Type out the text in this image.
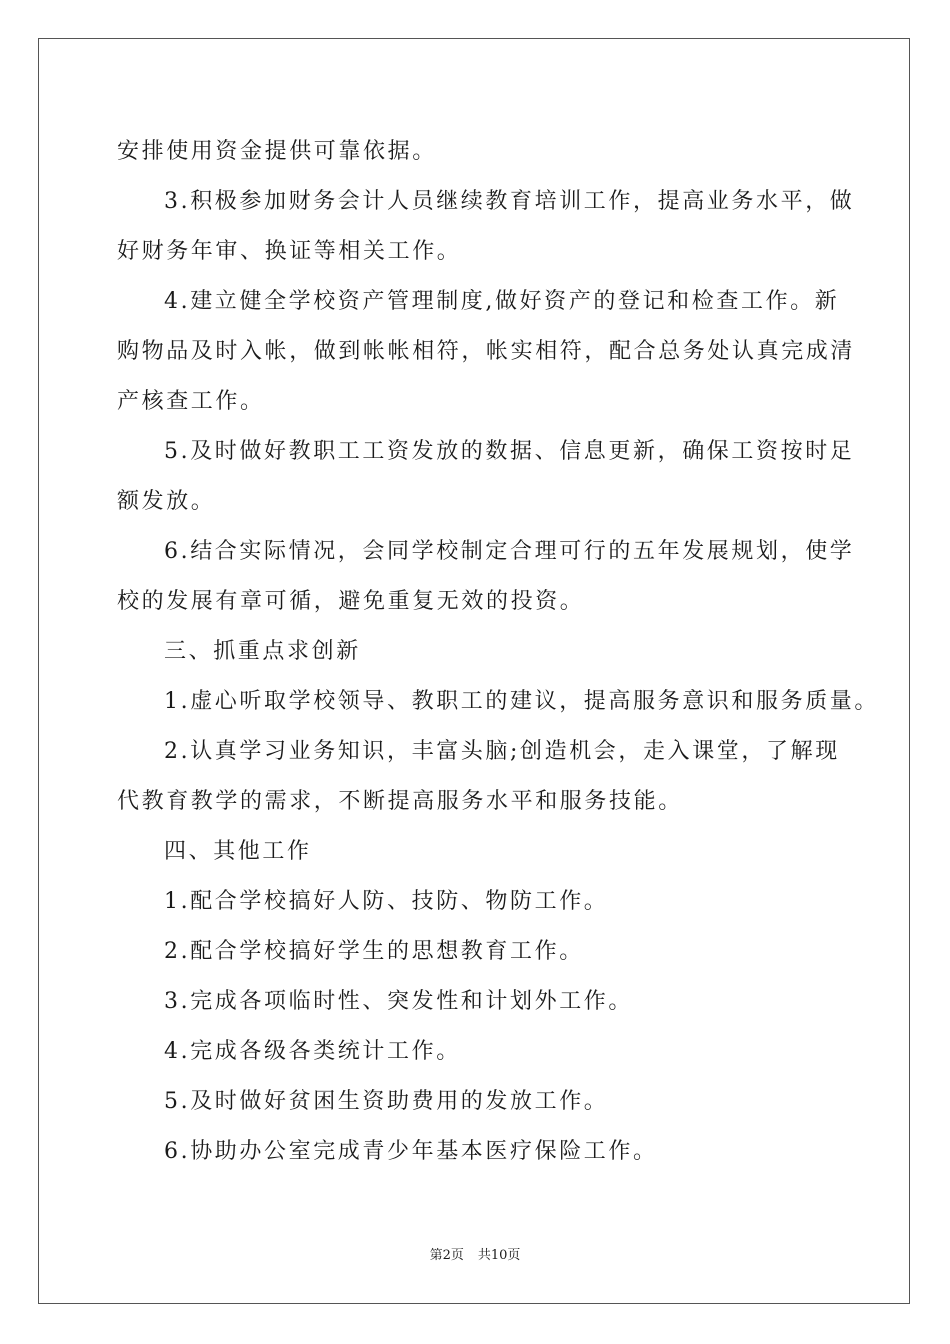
安排使用资金提供可靠依据。

3.积极参加财务会计人员继续教育培训工作，提高业务水平，做

好财务年审、换证等相关工作。

4.建立健全学校资产管理制度,做好资产的登记和检查工作。新

购物品及时入帐，做到帐帐相符，帐实相符，配合总务处认真完成清

产核查工作。

5.及时做好教职工工资发放的数据、信息更新，确保工资按时足

额发放。

6.结合实际情况，会同学校制定合理可行的五年发展规划，使学

校的发展有章可循，避免重复无效的投资。

三、抓重点求创新

1.虚心听取学校领导、教职工的建议，提高服务意识和服务质量。

2.认真学习业务知识，丰富头脑;创造机会，走入课堂，了解现

代教育教学的需求，不断提高服务水平和服务技能。

四、其他工作

1.配合学校搞好人防、技防、物防工作。

2.配合学校搞好学生的思想教育工作。

3.完成各项临时性、突发性和计划外工作。

4.完成各级各类统计工作。

5.及时做好贫困生资助费用的发放工作。

6.协助办公室完成青少年基本医疗保险工作。

第2页 共10页
